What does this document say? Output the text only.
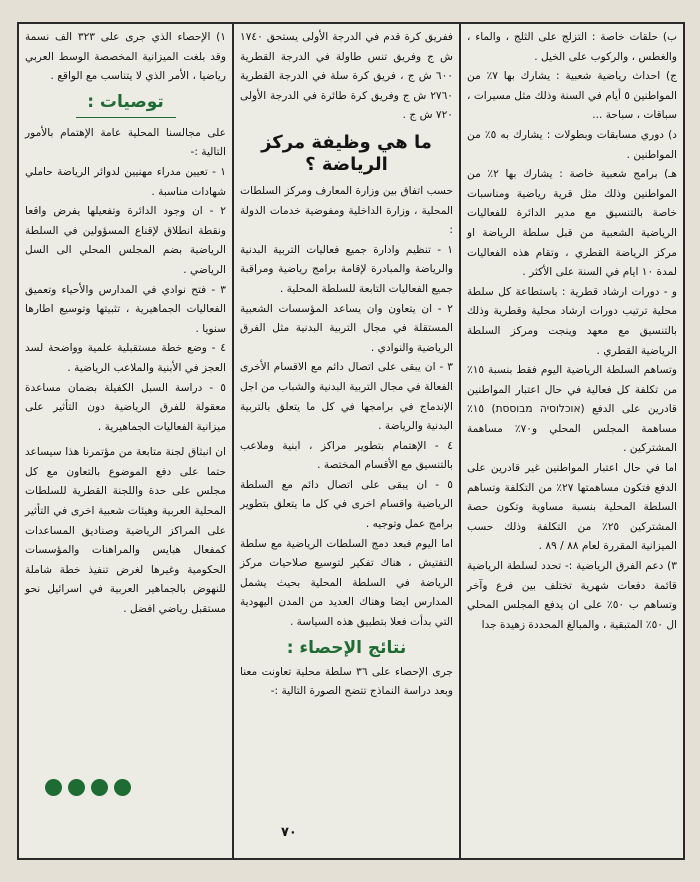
ب) حلقات خاصة : التزلج على الثلج ، والماء ، والغطس ، والركوب على الخيل .

ج) احداث رياضية شعبية : يشارك بها ٧٪ من المواطنين ٥ أيام في السنة وذلك مثل مسيرات ، سباقات ، سباحة ...

د) دوري مسابقات وبطولات : يشارك به ٥٪ من المواطنين .

هـ) برامج شعبية خاصة : يشارك بها ٢٪ من المواطنين وذلك مثل قرية رياضية ومناسبات خاصة بالتنسيق مع مدير الدائرة للفعاليات الرياضية الشعبية من قبل سلطة الرياضة او مركز الرياضة القطري ، وتقام هذه الفعاليات لمدة ١٠ ايام في السنة على الأكثر .

و - دورات ارشاد قطرية : باستطاعة كل سلطة محلية ترتيب دورات ارشاد محلية وقطرية وذلك بالتنسيق مع معهد وينجت ومركز السلطة الرياضية القطري .

وتساهم السلطة الرياضية اليوم فقط بنسبة ١٥٪ من تكلفة كل فعالية في حال اعتبار المواطنين قادرين على الدفع (אוכלוסיה מבוססת) ١٥٪ مساهمة المجلس المحلي و٧٠٪ مساهمة المشتركين .

اما في حال اعتبار المواطنين غير قادرين على الدفع فتكون مساهمتها ٢٧٪ من التكلفة وتساهم السلطة المحلية بنسبة مساوية وتكون حصة المشتركين ٢٥٪ من التكلفة وذلك حسب الميزانية المقررة لعام ٨٨ / ٨٩ .

٣) دعم الفرق الرياضية :- تحدد لسلطة الرياضية قائمة دفعات شهرية تختلف بين فرع وآخر وتساهم ب ٥٠٪ على ان يدفع المجلس المحلي ال ٥٠٪ المتبقية ، والمبالغ المحددة زهيدة جدا

ففريق كرة قدم في الدرجة الأولى يستحق ١٧٤٠ ش ج وفريق تنس طاولة في الدرجة القطرية ٦٠٠ ش ج ، فريق كرة سلة في الدرجة القطرية ٢٧٦٠ ش ج وفريق كرة طائرة في الدرجة الأولى ٧٢٠ ش ج .

ما هي وظيفة مركز الرياضة ؟

حسب اتفاق بين وزارة المعارف ومركز السلطات المحلية ، وزارة الداخلية ومفوضية خدمات الدولة :

١ - تنظيم وادارة جميع فعاليات التربية البدنية والرياضة والمبادرة لإقامة برامج رياضية ومراقبة جميع الفعاليات التابعة للسلطة المحلية .

٢ - ان يتعاون وان يساعد المؤسسات الشعبية المستقلة في مجال التربية البدنية مثل الفرق الرياضية والنوادي .

٣ - ان يبقى على اتصال دائم مع الاقسام الأخرى الفعالة في مجال التربية البدنية والشباب من اجل الإندماج في برامجها في كل ما يتعلق بالتربية البدنية والرياضة .

٤ - الإهتمام بتطوير مراكز ، ابنية وملاعب بالتنسيق مع الأقسام المختصة .

٥ - ان يبقى على اتصال دائم مع السلطة الرياضية واقسام اخرى في كل ما يتعلق بتطوير برامج عمل وتوجيه .

اما اليوم فبعد دمج السلطات الرياضية مع سلطة التفتيش ، هناك تفكير لتوسيع صلاحيات مركز الرياضة في السلطة المحلية بحيث يشمل المدارس ايضا وهناك العديد من المدن اليهودية التي بدأت فعلا بتطبيق هذه السياسة .

نتائج الإحصاء :

جرى الإحصاء على ٣٦ سلطة محلية تعاونت معنا وبعد دراسة النماذج تتضح الصورة التالية :-

١) الإحصاء الذي جرى على ٣٢٣ الف نسمة وقد بلغت الميزانية المخصصة الوسط العربي رياضيا ، الأمر الذي لا يتناسب مع الواقع .

توصيات :

على مجالسنا المحلية عامة الإهتمام بالأمور التالية :-

١ - تعيين مدراء مهنيين لدوائر الرياضة حاملي شهادات مناسبة .

٢ - ان وجود الدائرة وتفعيلها يفرض واقعا ونقطة انطلاق لإقناع المسؤولين في السلطة الرياضية بضم المجلس المحلي الى السل الرياضي .

٣ - فتح نوادي في المدارس والأحياء وتعميق الفعاليات الجماهيرية ، تثبيتها وتوسيع اطارها سنويا .

٤ - وضع خطة مستقبلية علمية وواضحة لسد العجز في الأبنية والملاعب الرياضية .

٥ - دراسة السبل الكفيلة بضمان مساعدة معقولة للفرق الرياضية دون التأثير على ميزانية الفعاليات الجماهيرية .

ان انبثاق لجنة متابعة من مؤتمرنا هذا سيساعد حتما على دفع الموضوع بالتعاون مع كل مجلس على حدة واللجنة القطرية للسلطات المحلية العربية وهيئات شعبية اخرى في التأثير على المراكز الرياضية وصناديق المساعدات كمفعال هبايس والمراهنات والمؤسسات الحكومية وغيرها لغرض تنفيذ خطة شاملة للنهوض بالجماهير العربية في اسرائيل نحو مستقبل رياضي افضل .

٧٠
